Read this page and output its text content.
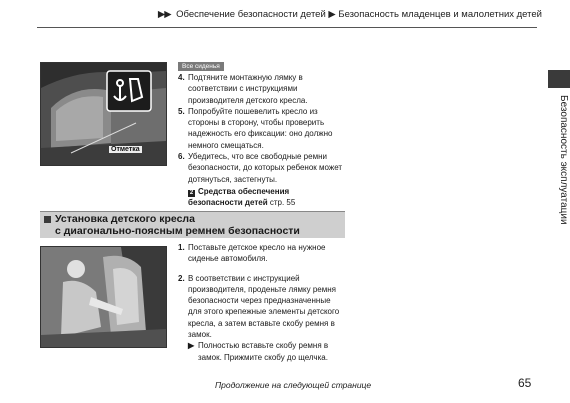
▶▶ Обеспечение безопасности детей ▶ Безопасность младенцев и малолетних детей
Безопасность эксплуатации
Отметка
Все сиденья
4. Подтяните монтажную лямку в соответствии с инструкциями производителя детского кресла.
5. Попробуйте пошевелить кресло из стороны в сторону, чтобы проверить надежность его фиксации: оно должно немного смещаться.
6. Убедитесь, что все свободные ремни безопасности, до которых ребенок может дотянуться, застегнуты.
2 Средства обеспечения
безопасности детей стр. 55
Установка детского кресла
с диагонально-поясным ремнем безопасности
1. Поставьте детское кресло на нужное сиденье автомобиля.
2. В соответствии с инструкцией производителя, проденьте лямку ремня безопасности через предназначенные для этого крепежные элементы детского кресла, а затем вставьте скобу ремня в замок.
▶ Полностью вставьте скобу ремня в замок. Прижмите скобу до щелчка.
Продолжение на следующей странице	65
